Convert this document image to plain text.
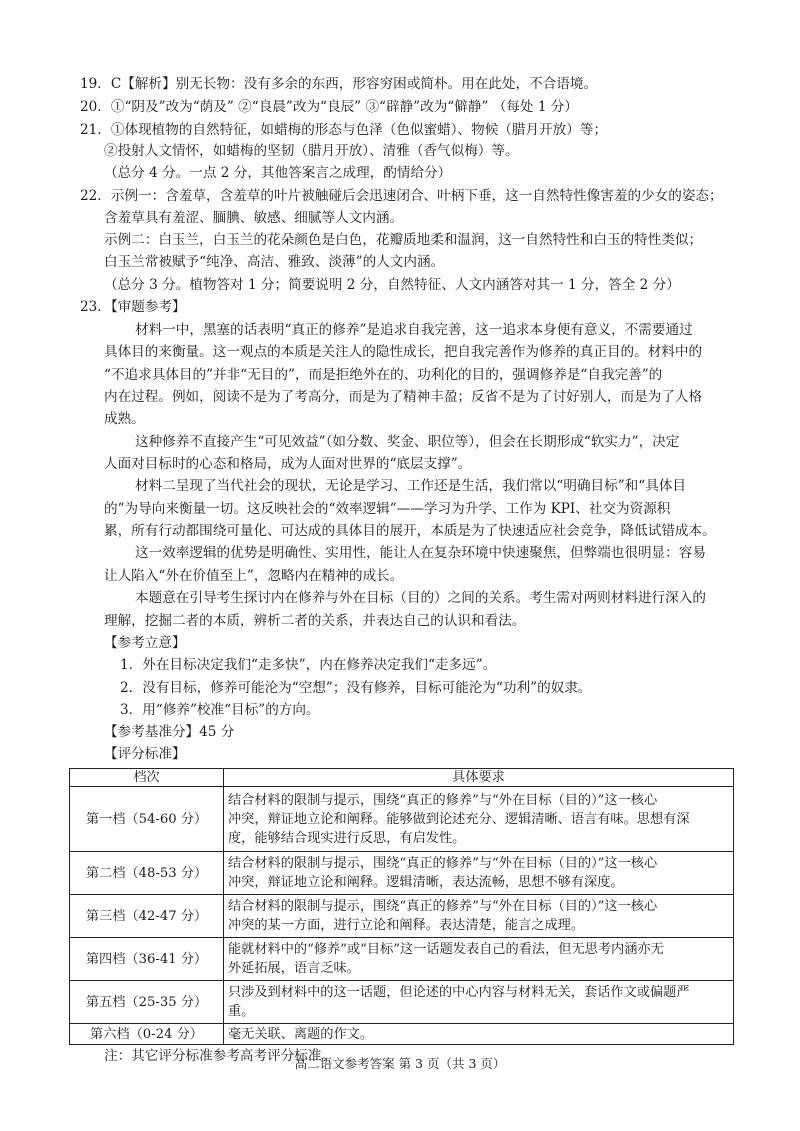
19．C【解析】别无长物：没有多余的东西，形容穷困或简朴。用在此处，不合语境。
20．①“阴及”改为“荫及” ②“良晨”改为“良辰” ③“辟静”改为“僻静” （每处 1 分）
21．①体现植物的自然特征，如蜡梅的形态与色泽（色似蜜蜡）、物候（腊月开放）等；
②投射人文情怀，如蜡梅的坚韧（腊月开放）、清雅（香气似梅）等。
（总分 4 分。一点 2 分，其他答案言之成理，酌情给分）
22．示例一：含羞草，含羞草的叶片被触碰后会迅速闭合、叶柄下垂，这一自然特性像害羞的少女的姿态；
含羞草具有羞涩、腼腆、敏感、细腻等人文内涵。
示例二：白玉兰，白玉兰的花朵颜色是白色，花瓣质地柔和温润，这一自然特性和白玉的特性类似；
白玉兰常被赋予“纯净、高洁、雅致、淡薄”的人文内涵。
（总分 3 分。植物答对 1 分；简要说明 2 分，自然特征、人文内涵答对其一 1 分，答全 2 分）
23．【审题参考】
材料一中，黑塞的话表明“真正的修养”是追求自我完善，这一追求本身便有意义，不需要通过
具体目的来衡量。这一观点的本质是关注人的隐性成长，把自我完善作为修养的真正目的。材料中的
“不追求具体目的”并非“无目的”，而是拒绝外在的、功利化的目的，强调修养是“自我完善”的
内在过程。例如，阅读不是为了考高分，而是为了精神丰盈；反省不是为了讨好别人，而是为了人格
成熟。
这种修养不直接产生“可见效益”（如分数、奖金、职位等），但会在长期形成“软实力”，决定
人面对目标时的心态和格局，成为人面对世界的“底层支撑”。
材料二呈现了当代社会的现状，无论是学习、工作还是生活，我们常以“明确目标”和“具体目
的”为导向来衡量一切。这反映社会的“效率逻辑”——学习为升学、工作为 KPI、社交为资源积
累，所有行动都围绕可量化、可达成的具体目的展开，本质是为了快速适应社会竞争，降低试错成本。
这一效率逻辑的优势是明确性、实用性，能让人在复杂环境中快速聚焦，但弊端也很明显：容易
让人陷入“外在价值至上”，忽略内在精神的成长。
本题意在引导考生探讨内在修养与外在目标（目的）之间的关系。考生需对两则材料进行深入的
理解，挖掘二者的本质，辨析二者的关系，并表达自己的认识和看法。
【参考立意】
1．外在目标决定我们“走多快”，内在修养决定我们“走多远”。
2．没有目标，修养可能沦为“空想”；没有修养，目标可能沦为“功利”的奴隶。
3．用“修养”校准“目标”的方向。
【参考基准分】45 分
【评分标准】
档次	具体要求
第一档（54-60 分）	结合材料的限制与提示，围绕“真正的修养”与“外在目标（目的）”这一核心
冲突，辩证地立论和阐释。能够做到论述充分、逻辑清晰、语言有味。思想有深
度，能够结合现实进行反思，有启发性。

第二档（48-53 分）	结合材料的限制与提示，围绕“真正的修养”与“外在目标（目的）”这一核心
冲突，辩证地立论和阐释。逻辑清晰，表达流畅，思想不够有深度。

第三档（42-47 分）	结合材料的限制与提示，围绕“真正的修养”与“外在目标（目的）”这一核心
冲突的某一方面，进行立论和阐释。表达清楚，能言之成理。

第四档（36-41 分）	能就材料中的“修养”或“目标”这一话题发表自己的看法，但无思考内涵亦无
外延拓展，语言乏味。

第五档（25-35 分）	只涉及到材料中的这一话题，但论述的中心内容与材料无关，套话作文或偏题严
重。

第六档（0-24 分）	毫无关联、离题的作文。
注：其它评分标准参考高考评分标准。
高二语文参考答案 第 3 页（共 3 页）
